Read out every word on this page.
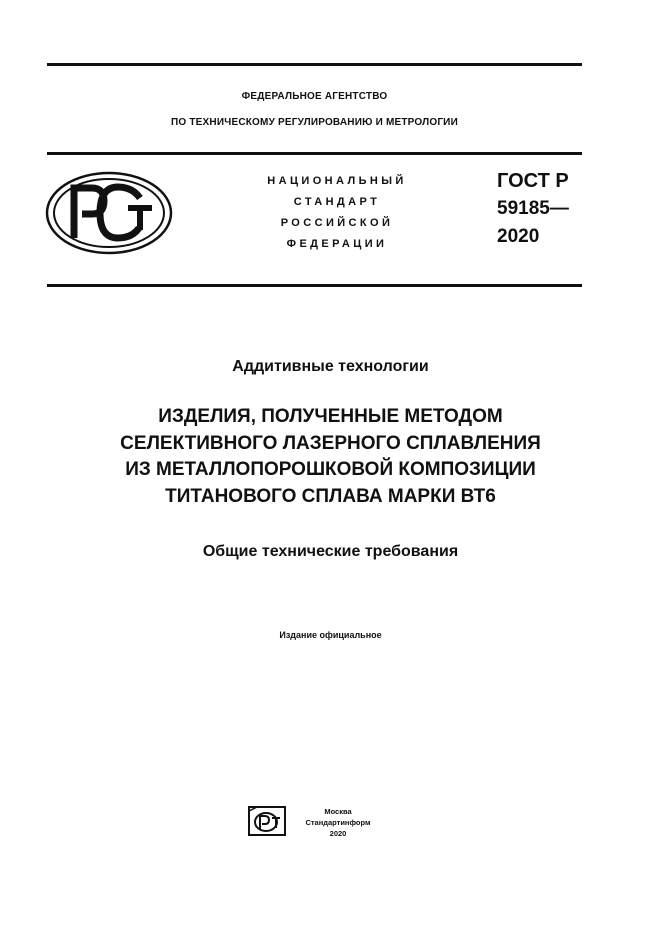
ФЕДЕРАЛЬНОЕ АГЕНТСТВО
ПО ТЕХНИЧЕСКОМУ РЕГУЛИРОВАНИЮ И МЕТРОЛОГИИ
НАЦИОНАЛЬНЫЙ
СТАНДАРТ
РОССИЙСКОЙ
ФЕДЕРАЦИИ
ГОСТ Р
59185—
2020
Аддитивные технологии
ИЗДЕЛИЯ, ПОЛУЧЕННЫЕ МЕТОДОМ
СЕЛЕКТИВНОГО ЛАЗЕРНОГО СПЛАВЛЕНИЯ
ИЗ МЕТАЛЛОПОРОШКОВОЙ КОМПОЗИЦИИ
ТИТАНОВОГО СПЛАВА МАРКИ ВТ6
Общие технические требования
Издание официальное
Москва
Стандартинформ
2020
